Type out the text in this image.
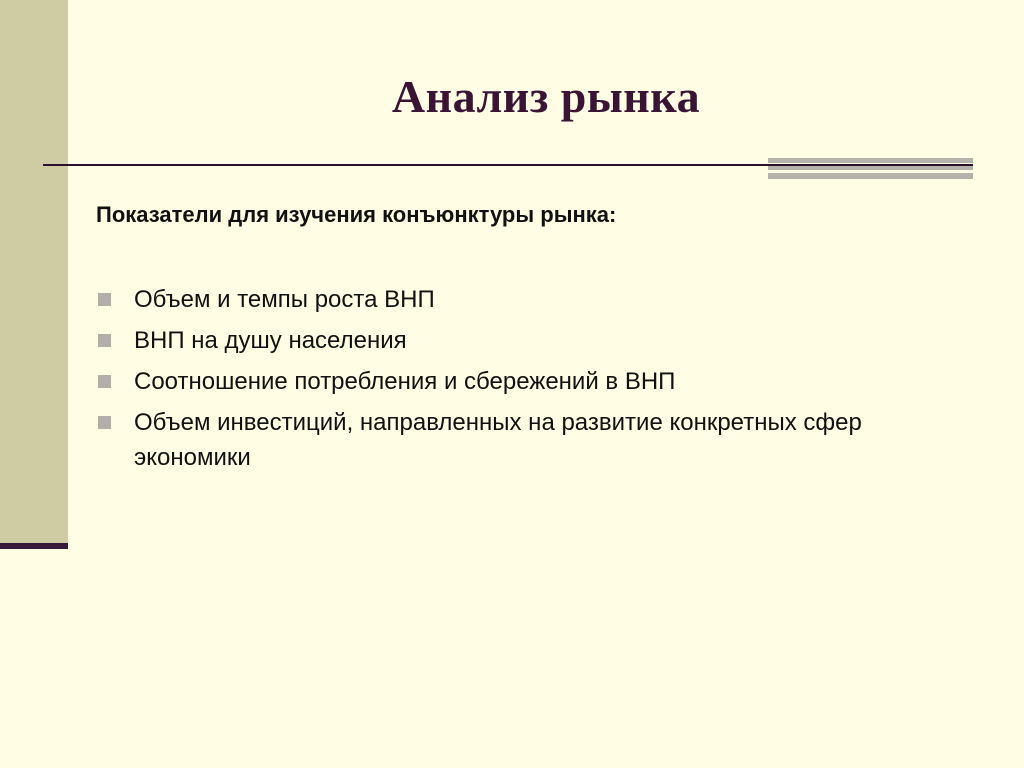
Анализ рынка
Показатели для изучения конъюнктуры рынка:
Объем и темпы роста ВНП
ВНП на душу населения
Соотношение потребления и сбережений в ВНП
Объем инвестиций, направленных на развитие конкретных сфер экономики
